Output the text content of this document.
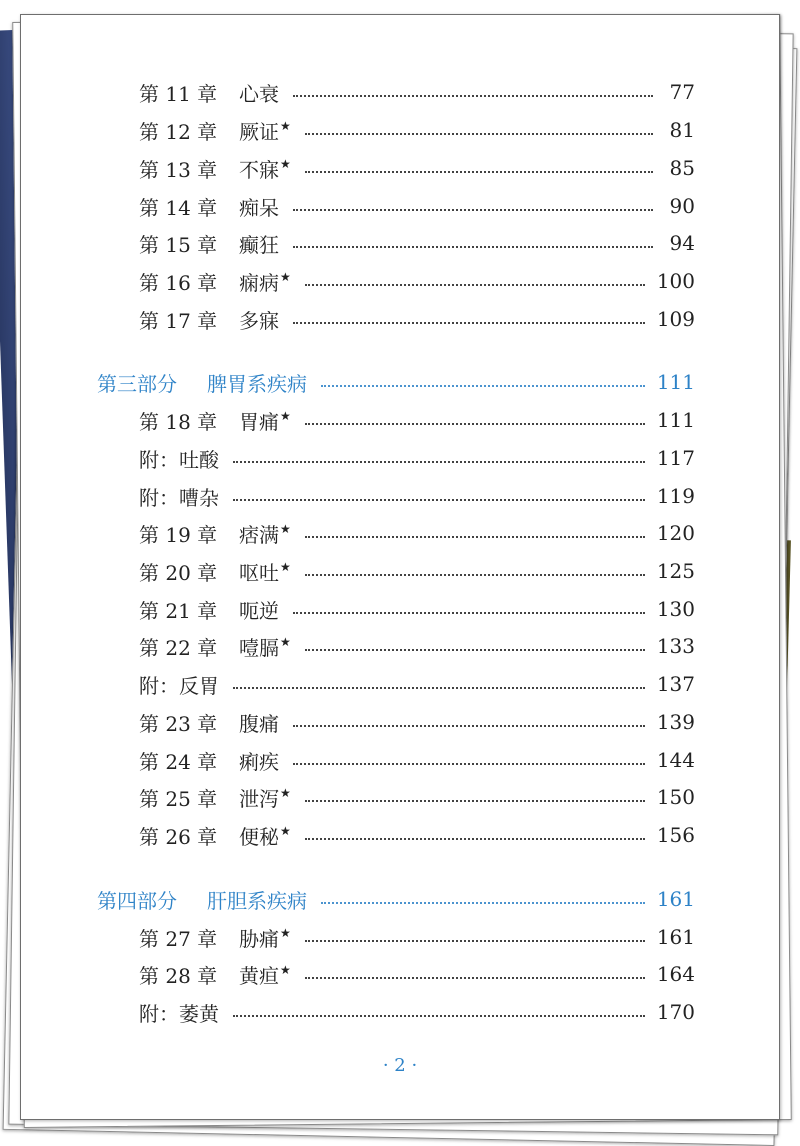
第 11 章	心衰	77
第 12 章	厥证 ★	81
第 13 章	不寐 ★	85
第 14 章	痴呆	90
第 15 章	癫狂	94
第 16 章	痫病 ★	100
第 17 章	多寐	109
第三部分	脾胃系疾病	111
第 18 章	胃痛 ★	111
附：吐酸	117
附：嘈杂	119
第 19 章	痞满 ★	120
第 20 章	呕吐 ★	125
第 21 章	呃逆	130
第 22 章	噎膈 ★	133
附：反胃	137
第 23 章	腹痛	139
第 24 章	痢疾	144
第 25 章	泄泻 ★	150
第 26 章	便秘 ★	156
第四部分	肝胆系疾病	161
第 27 章	胁痛 ★	161
第 28 章	黄疸 ★	164
附：萎黄	170
· 2 ·
